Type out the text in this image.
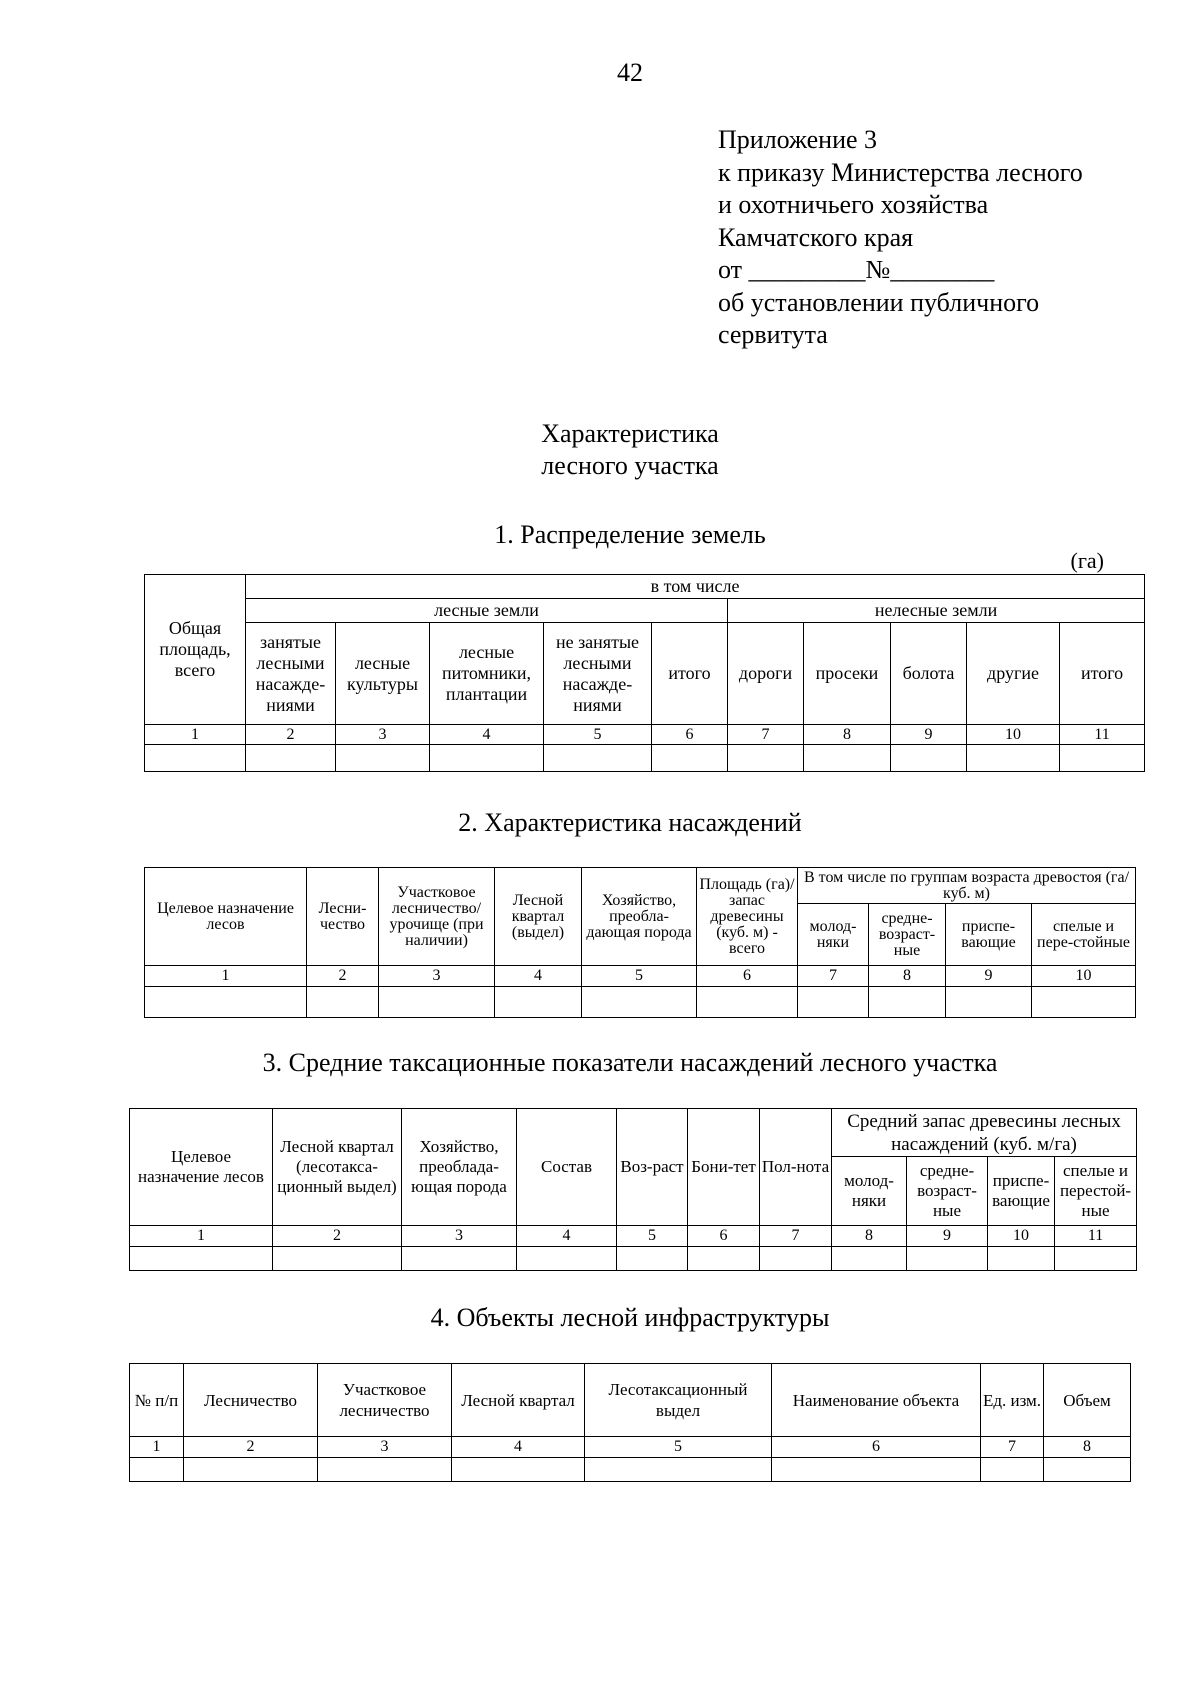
42
Приложение 3
к приказу Министерства лесного
и охотничьего хозяйства
Камчатского края
от _________№________
об установлении публичного
сервитута
Характеристика
лесного участка
1. Распределение земель
(га)
Общая площадь, всего	в том числе									
	лесные земли					нелесные земли				
	занятые лесными насажде-ниями	лесные культуры	лесные питомники, плантации	не занятые лесными насажде-ниями	итого	дороги	просеки	болота	другие	итого
1	2	3	4	5	6	7	8	9	10	11

2. Характеристика насаждений
Целевое назначение лесов	Лесни-чество	Участковое лесничество/ урочище (при наличии)	Лесной квартал (выдел)	Хозяйство, преобла-дающая порода	Площадь (га)/запас древесины (куб. м) - всего	В том числе по группам возраста древостоя (га/ куб. м)			
						молод-няки	средне-возраст-ные	приспе-вающие	спелые и пере-стойные
1	2	3	4	5	6	7	8	9	10

3. Средние таксационные показатели насаждений лесного участка
Целевое назначение лесов	Лесной квартал (лесотакса-ционный выдел)	Хозяйство, преоблада-ющая порода	Состав	Воз-раст	Бони-тет	Пол-нота	Средний запас древесины лесных насаждений (куб. м/га)			
							молод-няки	средне-возраст-ные	приспе-вающие	спелые и перестой-ные
1	2	3	4	5	6	7	8	9	10	11

4. Объекты лесной инфраструктуры
№ п/п	Лесничество	Участковое лесничество	Лесной квартал	Лесотаксационный выдел	Наименование объекта	Ед. изм.	Объем
1	2	3	4	5	6	7	8
